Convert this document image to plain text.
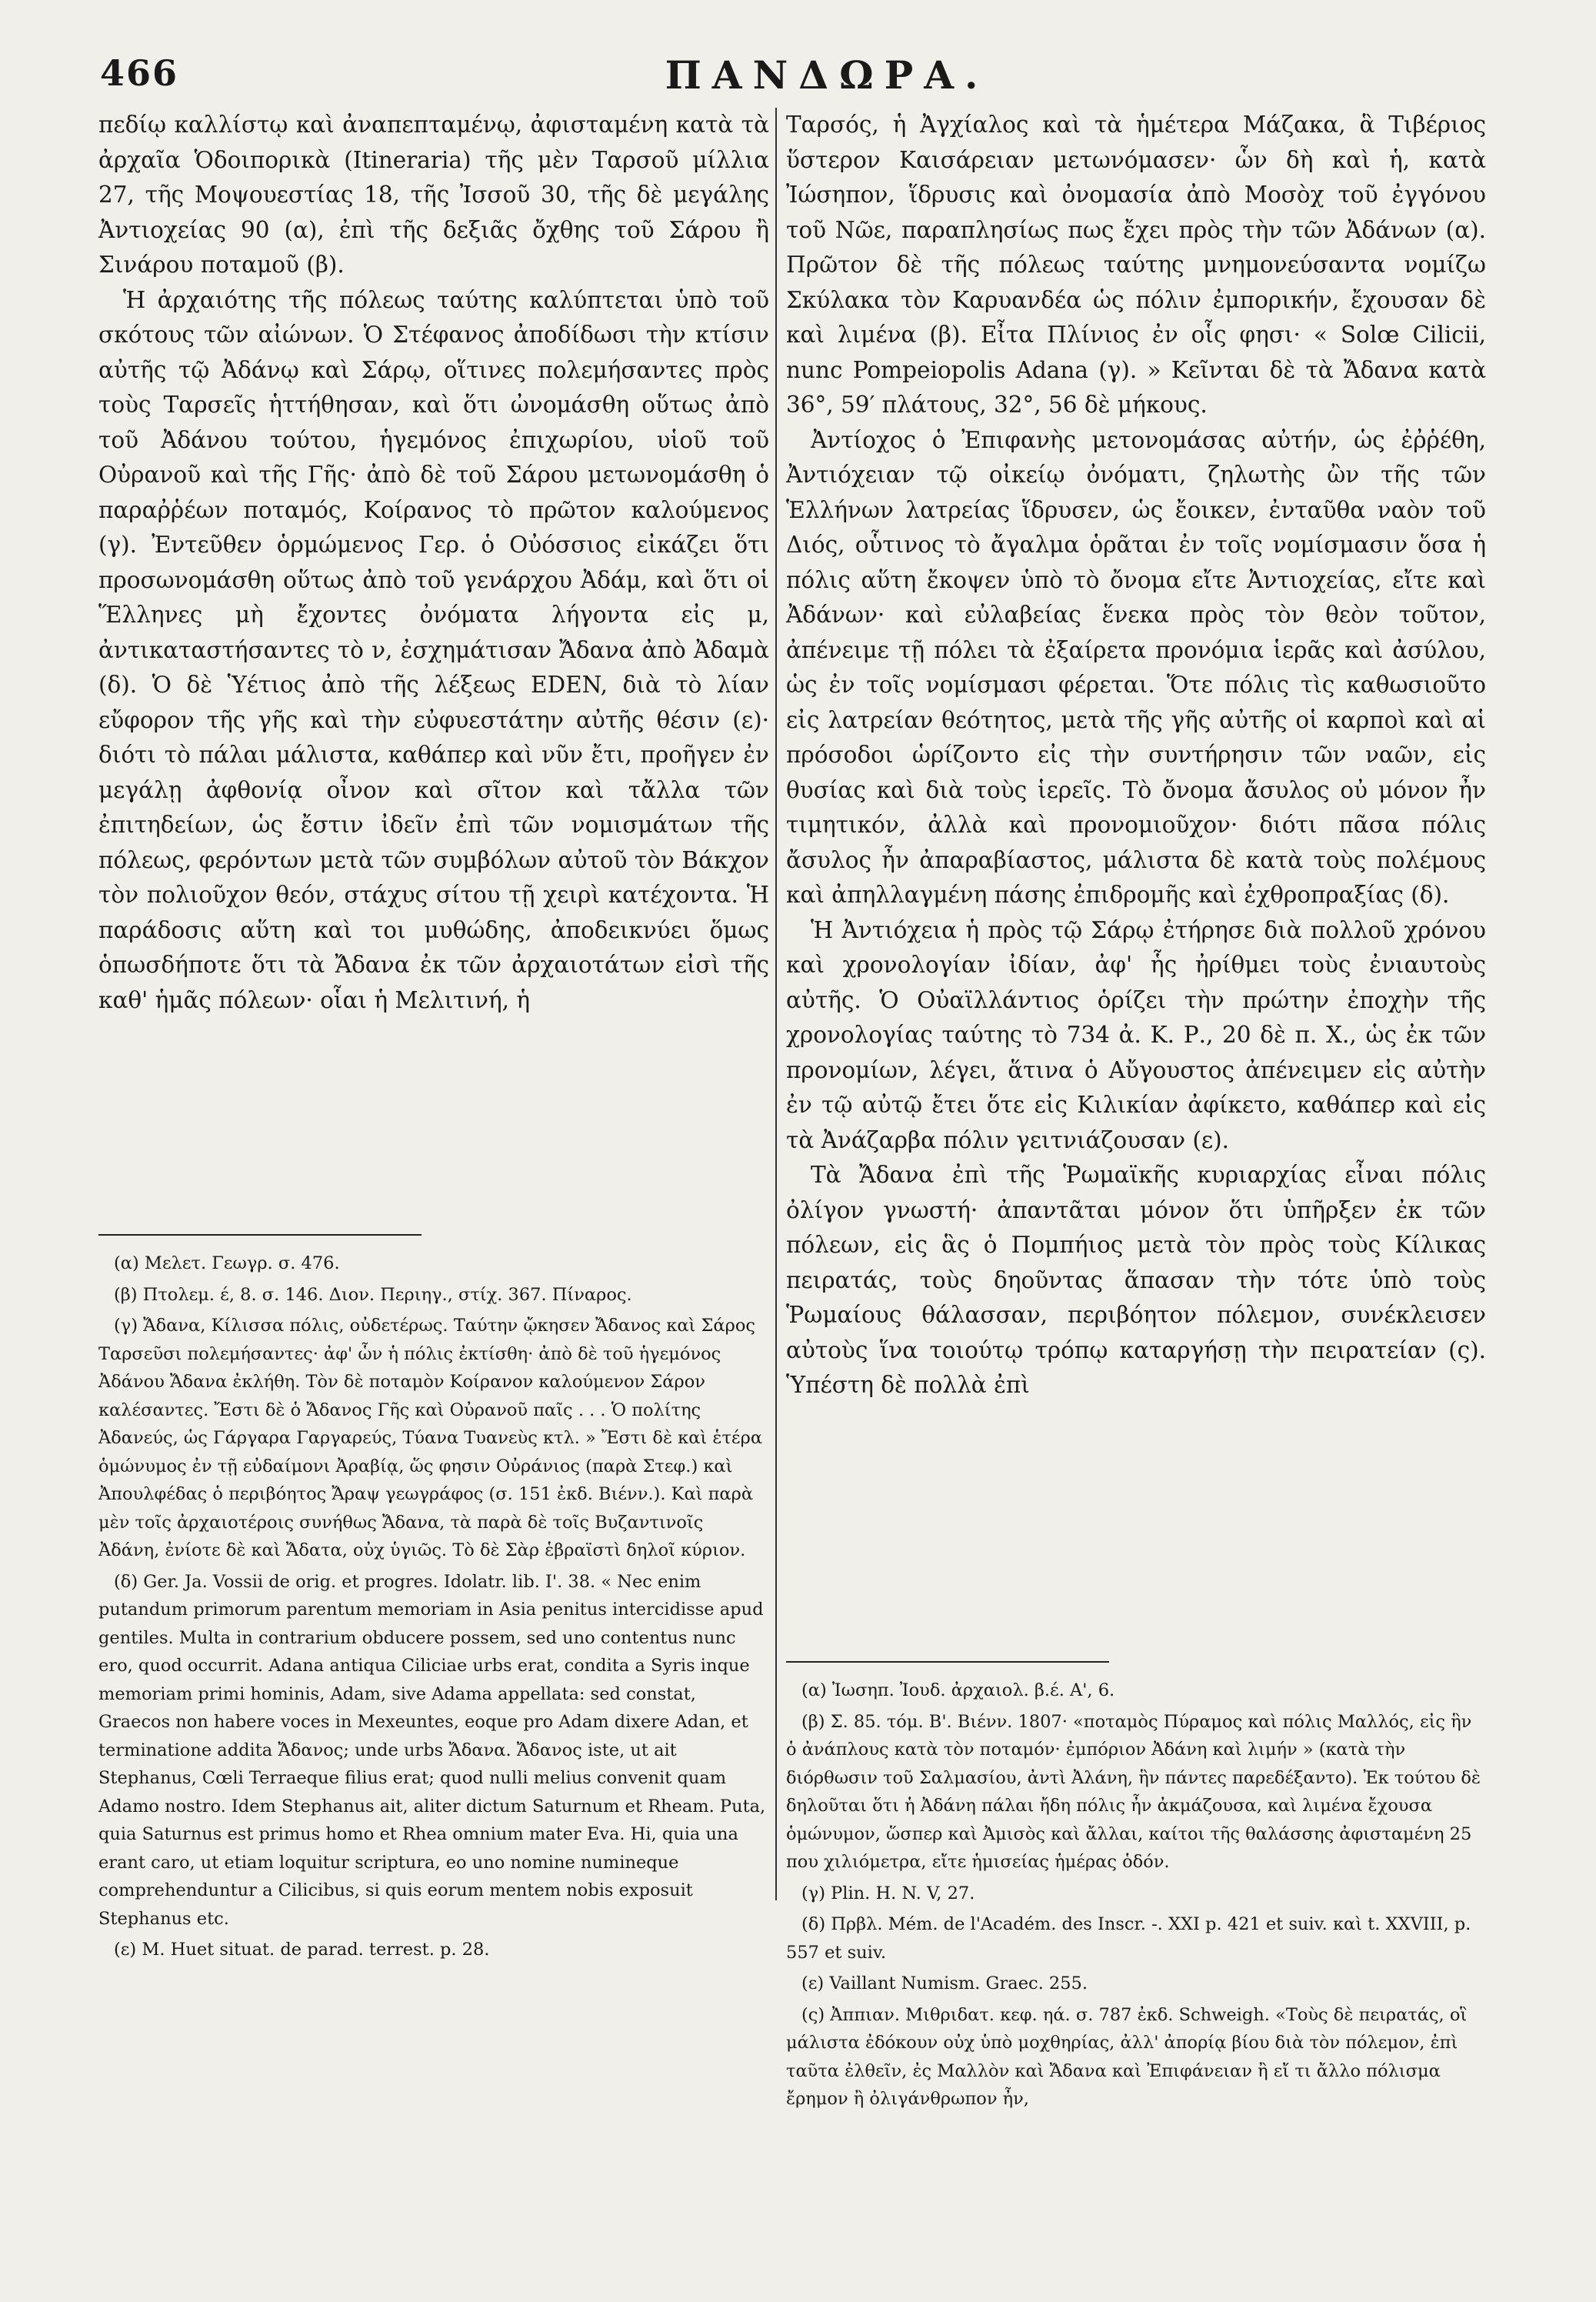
466	ΠΑΝΔΩΡΑ.

πεδίῳ καλλίστῳ καὶ ἀναπεπταμένῳ, ἀφισταμένη κατὰ τὰ ἀρχαῖα Ὁδοιπορικὰ (Itineraria) τῆς μὲν Ταρσοῦ μίλλια 27, τῆς Μοψουεστίας 18, τῆς Ἰσσοῦ 30, τῆς δὲ μεγάλης Ἀντιοχείας 90 (α), ἐπὶ τῆς δεξιᾶς ὄχθης τοῦ Σάρου ἢ Σινάρου ποταμοῦ (β).

Ἡ ἀρχαιότης τῆς πόλεως ταύτης καλύπτεται ὑπὸ τοῦ σκότους τῶν αἰώνων. Ὁ Στέφανος ἀποδίδωσι τὴν κτίσιν αὐτῆς τῷ Ἀδάνῳ καὶ Σάρῳ, οἵτινες πολεμήσαντες πρὸς τοὺς Ταρσεῖς ἡττήθησαν, καὶ ὅτι ὠνομάσθη οὕτως ἀπὸ τοῦ Ἀδάνου τούτου, ἡγεμόνος ἐπιχωρίου, υἱοῦ τοῦ Οὐρανοῦ καὶ τῆς Γῆς· ἀπὸ δὲ τοῦ Σάρου μετωνομάσθη ὁ παραῤῥέων ποταμός, Κοίρανος τὸ πρῶτον καλούμενος (γ). Ἐντεῦθεν ὁρμώμενος Γερ. ὁ Οὐόσσιος εἰκάζει ὅτι προσωνομάσθη οὕτως ἀπὸ τοῦ γενάρχου Ἀδάμ, καὶ ὅτι οἱ Ἕλληνες μὴ ἔχοντες ὀνόματα λήγοντα εἰς μ, ἀντικαταστήσαντες τὸ ν, ἐσχημάτισαν Ἄδανα ἀπὸ Ἀδαμὰ (δ). Ὁ δὲ Ὑέτιος ἀπὸ τῆς λέξεως EDEN, διὰ τὸ λίαν εὔφορον τῆς γῆς καὶ τὴν εὐφυεστάτην αὐτῆς θέσιν (ε)· διότι τὸ πάλαι μάλιστα, καθάπερ καὶ νῦν ἔτι, προῆγεν ἐν μεγάλῃ ἀφθονίᾳ οἶνον καὶ σῖτον καὶ τἄλλα τῶν ἐπιτηδείων, ὡς ἔστιν ἰδεῖν ἐπὶ τῶν νομισμάτων τῆς πόλεως, φερόντων μετὰ τῶν συμβόλων αὐτοῦ τὸν Βάκχον τὸν πολιοῦχον θεόν, στάχυς σίτου τῇ χειρὶ κατέχοντα. Ἡ παράδοσις αὕτη καὶ τοι μυθώδης, ἀποδεικνύει ὅμως ὁπωσδήποτε ὅτι τὰ Ἄδανα ἐκ τῶν ἀρχαιοτάτων εἰσὶ τῆς καθ' ἡμᾶς πόλεων· οἷαι ἡ Μελιτινή, ἡ

(α) Μελετ. Γεωγρ. σ. 476.

(β) Πτολεμ. έ, 8. σ. 146. Διον. Περιηγ., στίχ. 367. Πίναρος.

(γ) Ἄδανα, Κίλισσα πόλις, οὐδετέρως. Ταύτην ᾤκησεν Ἄδανος καὶ Σάρος Ταρσεῦσι πολεμήσαντες· ἀφ' ὧν ἡ πόλις ἐκτίσθη· ἀπὸ δὲ τοῦ ἡγεμόνος Ἀδάνου Ἄδανα ἐκλήθη. Τὸν δὲ ποταμὸν Κοίρανον καλούμενον Σάρον καλέσαντες. Ἔστι δὲ ὁ Ἄδανος Γῆς καὶ Οὐρανοῦ παῖς . . . Ὁ πολίτης Ἀδανεύς, ὡς Γάργαρα Γαργαρεύς, Τύανα Τυανεὺς κτλ. » Ἔστι δὲ καὶ ἑτέρα ὁμώνυμος ἐν τῇ εὐδαίμονι Ἀραβίᾳ, ὥς φησιν Οὐράνιος (παρὰ Στεφ.) καὶ Ἀπουλφέδας ὁ περιβόητος Ἄραψ γεωγράφος (σ. 151 ἐκδ. Βιένν.). Καὶ παρὰ μὲν τοῖς ἀρχαιοτέροις συνήθως Ἄδανα, τὰ παρὰ δὲ τοῖς Βυζαντινοῖς Ἀδάνη, ἐνίοτε δὲ καὶ Ἄδατα, οὐχ ὑγιῶς. Τὸ δὲ Σὰρ ἑβραϊστὶ δηλοῖ κύριον.

(δ) Ger. Ja. Vossii de orig. et progres. Idolatr. lib. I'. 38. « Nec enim putandum primorum parentum memoriam in Asia penitus intercidisse apud gentiles. Multa in contrarium obducere possem, sed uno contentus nunc ero, quod occurrit. Adana antiqua Ciliciae urbs erat, condita a Syris inque memoriam primi hominis, Adam, sive Adama appellata: sed constat, Graecos non habere voces in Mexeuntes, eoque pro Adam dixere Adan, et terminatione addita Ἄδανος; unde urbs Ἄδανα. Ἄδανος iste, ut ait Stephanus, Cœli Terraeque filius erat; quod nulli melius convenit quam Adamo nostro. Idem Stephanus ait, aliter dictum Saturnum et Rheam. Puta, quia Saturnus est primus homo et Rhea omnium mater Eva. Hi, quia una erant caro, ut etiam loquitur scriptura, eo uno nomine numineque comprehenduntur a Cilicibus, si quis eorum mentem nobis exposuit Stephanus etc.

(ε) M. Huet situat. de parad. terrest. p. 28.

Ταρσός, ἡ Ἀγχίαλος καὶ τὰ ἡμέτερα Μάζακα, ἃ Τιβέριος ὕστερον Καισάρειαν μετωνόμασεν· ὧν δὴ καὶ ἡ, κατὰ Ἰώσηπον, ἵδρυσις καὶ ὀνομασία ἀπὸ Μοσὸχ τοῦ ἐγγόνου τοῦ Νῶε, παραπλησίως πως ἔχει πρὸς τὴν τῶν Ἀδάνων (α). Πρῶτον δὲ τῆς πόλεως ταύτης μνημονεύσαντα νομίζω Σκύλακα τὸν Καρυανδέα ὡς πόλιν ἐμπορικήν, ἔχουσαν δὲ καὶ λιμένα (β). Εἶτα Πλίνιος ἐν οἷς φησι· « Solœ Cilicii, nunc Pompeiopolis Adana (γ). » Κεῖνται δὲ τὰ Ἄδανα κατὰ 36°, 59′ πλάτους, 32°, 56 δὲ μήκους.

Ἀντίοχος ὁ Ἐπιφανὴς μετονομάσας αὐτήν, ὡς ἐῤῥέθη, Ἀντιόχειαν τῷ οἰκείῳ ὀνόματι, ζηλωτὴς ὢν τῆς τῶν Ἑλλήνων λατρείας ἵδρυσεν, ὡς ἔοικεν, ἐνταῦθα ναὸν τοῦ Διός, οὗτινος τὸ ἄγαλμα ὁρᾶται ἐν τοῖς νομίσμασιν ὅσα ἡ πόλις αὕτη ἔκοψεν ὑπὸ τὸ ὄνομα εἴτε Ἀντιοχείας, εἴτε καὶ Ἀδάνων· καὶ εὐλαβείας ἕνεκα πρὸς τὸν θεὸν τοῦτον, ἀπένειμε τῇ πόλει τὰ ἐξαίρετα προνόμια ἱερᾶς καὶ ἀσύλου, ὡς ἐν τοῖς νομίσμασι φέρεται. Ὅτε πόλις τὶς καθωσιοῦτο εἰς λατρείαν θεότητος, μετὰ τῆς γῆς αὐτῆς οἱ καρποὶ καὶ αἱ πρόσοδοι ὡρίζοντο εἰς τὴν συντήρησιν τῶν ναῶν, εἰς θυσίας καὶ διὰ τοὺς ἱερεῖς. Τὸ ὄνομα ἄσυλος οὐ μόνον ἦν τιμητικόν, ἀλλὰ καὶ προνομιοῦχον· διότι πᾶσα πόλις ἄσυλος ἦν ἀπαραβίαστος, μάλιστα δὲ κατὰ τοὺς πολέμους καὶ ἀπηλλαγμένη πάσης ἐπιδρομῆς καὶ ἐχθροπραξίας (δ).

Ἡ Ἀντιόχεια ἡ πρὸς τῷ Σάρῳ ἐτήρησε διὰ πολλοῦ χρόνου καὶ χρονολογίαν ἰδίαν, ἀφ' ἧς ἠρίθμει τοὺς ἐνιαυτοὺς αὐτῆς. Ὁ Οὐαϊλλάντιος ὁρίζει τὴν πρώτην ἐποχὴν τῆς χρονολογίας ταύτης τὸ 734 ἀ. Κ. Ρ., 20 δὲ π. Χ., ὡς ἐκ τῶν προνομίων, λέγει, ἅτινα ὁ Αὔγουστος ἀπένειμεν εἰς αὐτὴν ἐν τῷ αὐτῷ ἔτει ὅτε εἰς Κιλικίαν ἀφίκετο, καθάπερ καὶ εἰς τὰ Ἀνάζαρβα πόλιν γειτνιάζουσαν (ε).

Τὰ Ἄδανα ἐπὶ τῆς Ῥωμαϊκῆς κυριαρχίας εἶναι πόλις ὀλίγον γνωστή· ἀπαντᾶται μόνον ὅτι ὑπῆρξεν ἐκ τῶν πόλεων, εἰς ἃς ὁ Πομπήιος μετὰ τὸν πρὸς τοὺς Κίλικας πειρατάς, τοὺς δηοῦντας ἅπασαν τὴν τότε ὑπὸ τοὺς Ῥωμαίους θάλασσαν, περιβόητον πόλεμον, συνέκλεισεν αὐτοὺς ἵνα τοιούτῳ τρόπῳ καταργήσῃ τὴν πειρατείαν (ς). Ὑπέστη δὲ πολλὰ ἐπὶ

(α) Ἰωσηπ. Ἰουδ. ἀρχαιολ. β.έ. Α', 6.

(β) Σ. 85. τόμ. Β'. Βιένν. 1807· «ποταμὸς Πύραμος καὶ πόλις Μαλλός, εἰς ἣν ὁ ἀνάπλους κατὰ τὸν ποταμόν· ἐμπόριον Ἀδάνη καὶ λιμήν » (κατὰ τὴν διόρθωσιν τοῦ Σαλμασίου, ἀντὶ Ἀλάνη, ἣν πάντες παρεδέξαντο). Ἐκ τούτου δὲ δηλοῦται ὅτι ἡ Ἀδάνη πάλαι ἤδη πόλις ἦν ἀκμάζουσα, καὶ λιμένα ἔχουσα ὁμώνυμον, ὥσπερ καὶ Ἀμισὸς καὶ ἄλλαι, καίτοι τῆς θαλάσσης ἀφισταμένη 25 που χιλιόμετρα, εἴτε ἡμισείας ἡμέρας ὁδόν.

(γ) Plin. H. N. V, 27.

(δ) Πρβλ. Mém. de l'Académ. des Inscr. -. XXI p. 421 et suiv. καὶ t. XXVIII, p. 557 et suiv.

(ε) Vaillant Numism. Graec. 255.

(ς) Ἀππιαν. Μιθριδατ. κεφ. ηά. σ. 787 ἐκδ. Schweigh. «Τοὺς δὲ πειρατάς, οἳ μάλιστα ἐδόκουν οὐχ ὑπὸ μοχθηρίας, ἀλλ' ἀπορίᾳ βίου διὰ τὸν πόλεμον, ἐπὶ ταῦτα ἐλθεῖν, ἐς Μαλλὸν καὶ Ἄδανα καὶ Ἐπιφάνειαν ἢ εἴ τι ἄλλο πόλισμα ἔρημον ἢ ὀλιγάνθρωπον ἦν,
